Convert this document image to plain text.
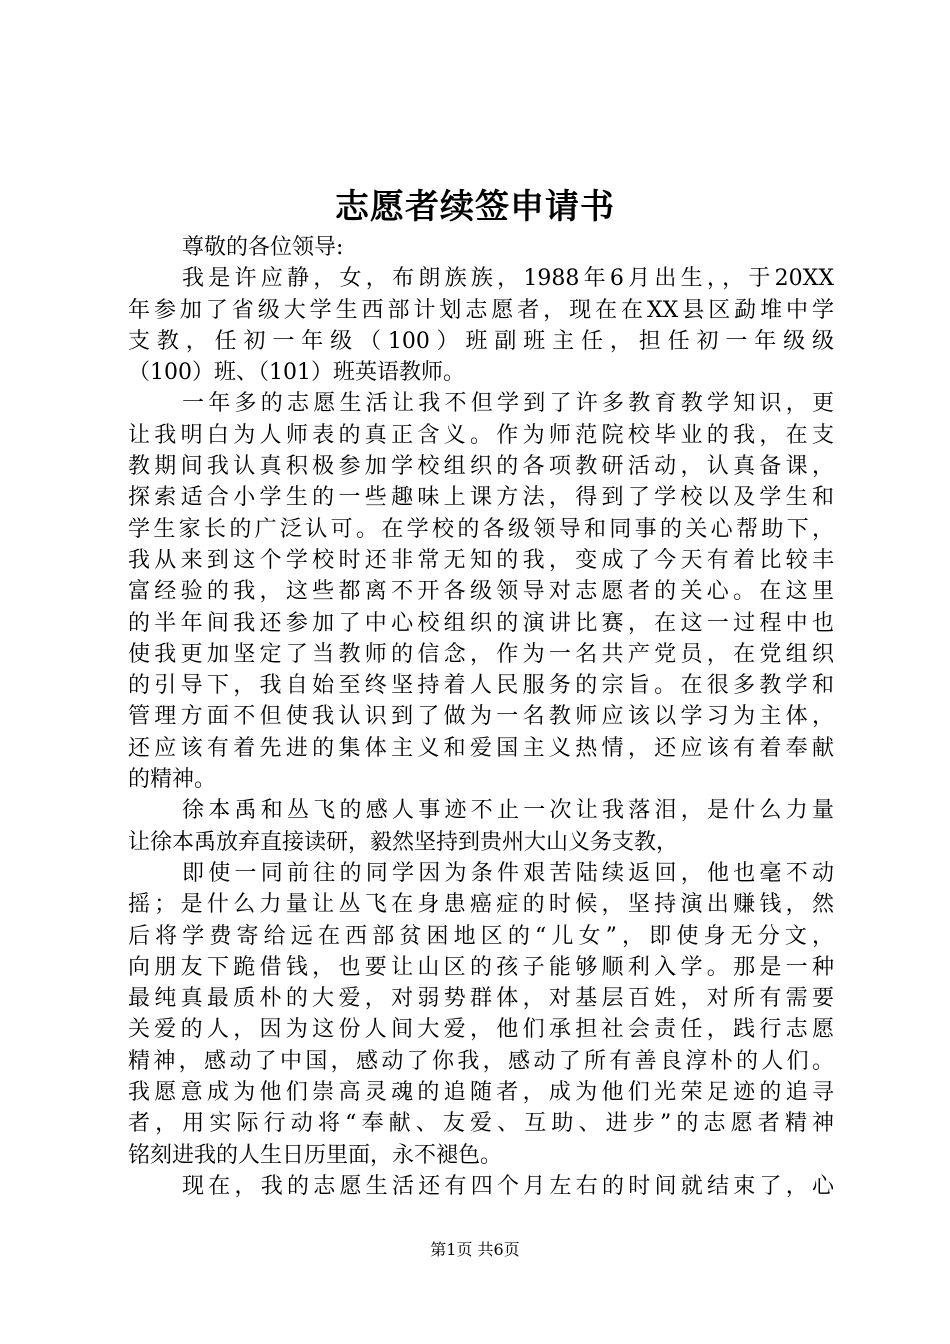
志愿者续签申请书
尊敬的各位领导:
我是许应静，女，布朗族族，1988年6月出生，，于20XX
年参加了省级大学生西部计划志愿者，现在在XX县区勐堆中学
支教，任初一年级（100）班副班主任，担任初一年级级
（100）班、（101）班英语教师。
一年多的志愿生活让我不但学到了许多教育教学知识，更
让我明白为人师表的真正含义。作为师范院校毕业的我，在支
教期间我认真积极参加学校组织的各项教研活动，认真备课，
探索适合小学生的一些趣味上课方法，得到了学校以及学生和
学生家长的广泛认可。在学校的各级领导和同事的关心帮助下，
我从来到这个学校时还非常无知的我，变成了今天有着比较丰
富经验的我，这些都离不开各级领导对志愿者的关心。在这里
的半年间我还参加了中心校组织的演讲比赛，在这一过程中也
使我更加坚定了当教师的信念，作为一名共产党员，在党组织
的引导下，我自始至终坚持着人民服务的宗旨。在很多教学和
管理方面不但使我认识到了做为一名教师应该以学习为主体，
还应该有着先进的集体主义和爱国主义热情，还应该有着奉献
的精神。
徐本禹和丛飞的感人事迹不止一次让我落泪，是什么力量
让徐本禹放弃直接读研，毅然坚持到贵州大山义务支教，
即使一同前往的同学因为条件艰苦陆续返回，他也毫不动
摇；是什么力量让丛飞在身患癌症的时候，坚持演出赚钱，然
后将学费寄给远在西部贫困地区的“儿女”，即使身无分文，
向朋友下跪借钱，也要让山区的孩子能够顺利入学。那是一种
最纯真最质朴的大爱，对弱势群体，对基层百姓，对所有需要
关爱的人，因为这份人间大爱，他们承担社会责任，践行志愿
精神，感动了中国，感动了你我，感动了所有善良淳朴的人们。
我愿意成为他们崇高灵魂的追随者，成为他们光荣足迹的追寻
者，用实际行动将“奉献、友爱、互助、进步”的志愿者精神
铭刻进我的人生日历里面，永不褪色。
现在，我的志愿生活还有四个月左右的时间就结束了，心
第1页 共6页
